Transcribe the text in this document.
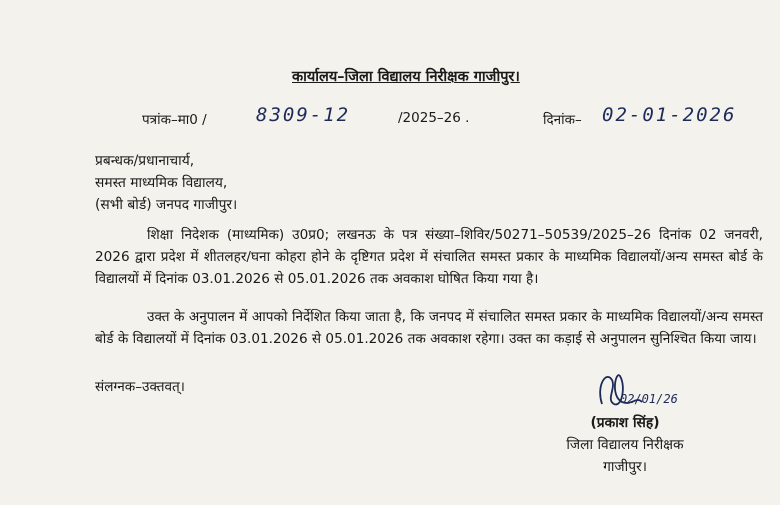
कार्यालय–जिला विद्यालय निरीक्षक गाजीपुर।
पत्रांक–मा0 /	8309-12	/2025–26 .	दिनांक– 02-01-2026
प्रबन्धक/प्रधानाचार्य,
समस्त माध्यमिक विद्यालय,
(सभी बोर्ड) जनपद गाजीपुर।
शिक्षा निदेशक (माध्यमिक) उ0प्र0; लखनऊ के पत्र संख्या–शिविर/50271–50539/2025–26 दिनांक 02 जनवरी, 2026 द्वारा प्रदेश में शीतलहर/घना कोहरा होने के दृष्टिगत प्रदेश में संचालित समस्त प्रकार के माध्यमिक विद्यालयों/अन्य समस्त बोर्ड के विद्यालयों में दिनांक 03.01.2026 से 05.01.2026 तक अवकाश घोषित किया गया है।
उक्त के अनुपालन में आपको निर्देशित किया जाता है, कि जनपद में संचालित समस्त प्रकार के माध्यमिक विद्यालयों/अन्य समस्त बोर्ड के विद्यालयों में दिनांक 03.01.2026 से 05.01.2026 तक अवकाश रहेगा। उक्त का कड़ाई से अनुपालन सुनिश्चित किया जाय।
संलग्नक–उक्तवत्।
02/01/26
(प्रकाश सिंह)
जिला विद्यालय निरीक्षक
गाजीपुर।
